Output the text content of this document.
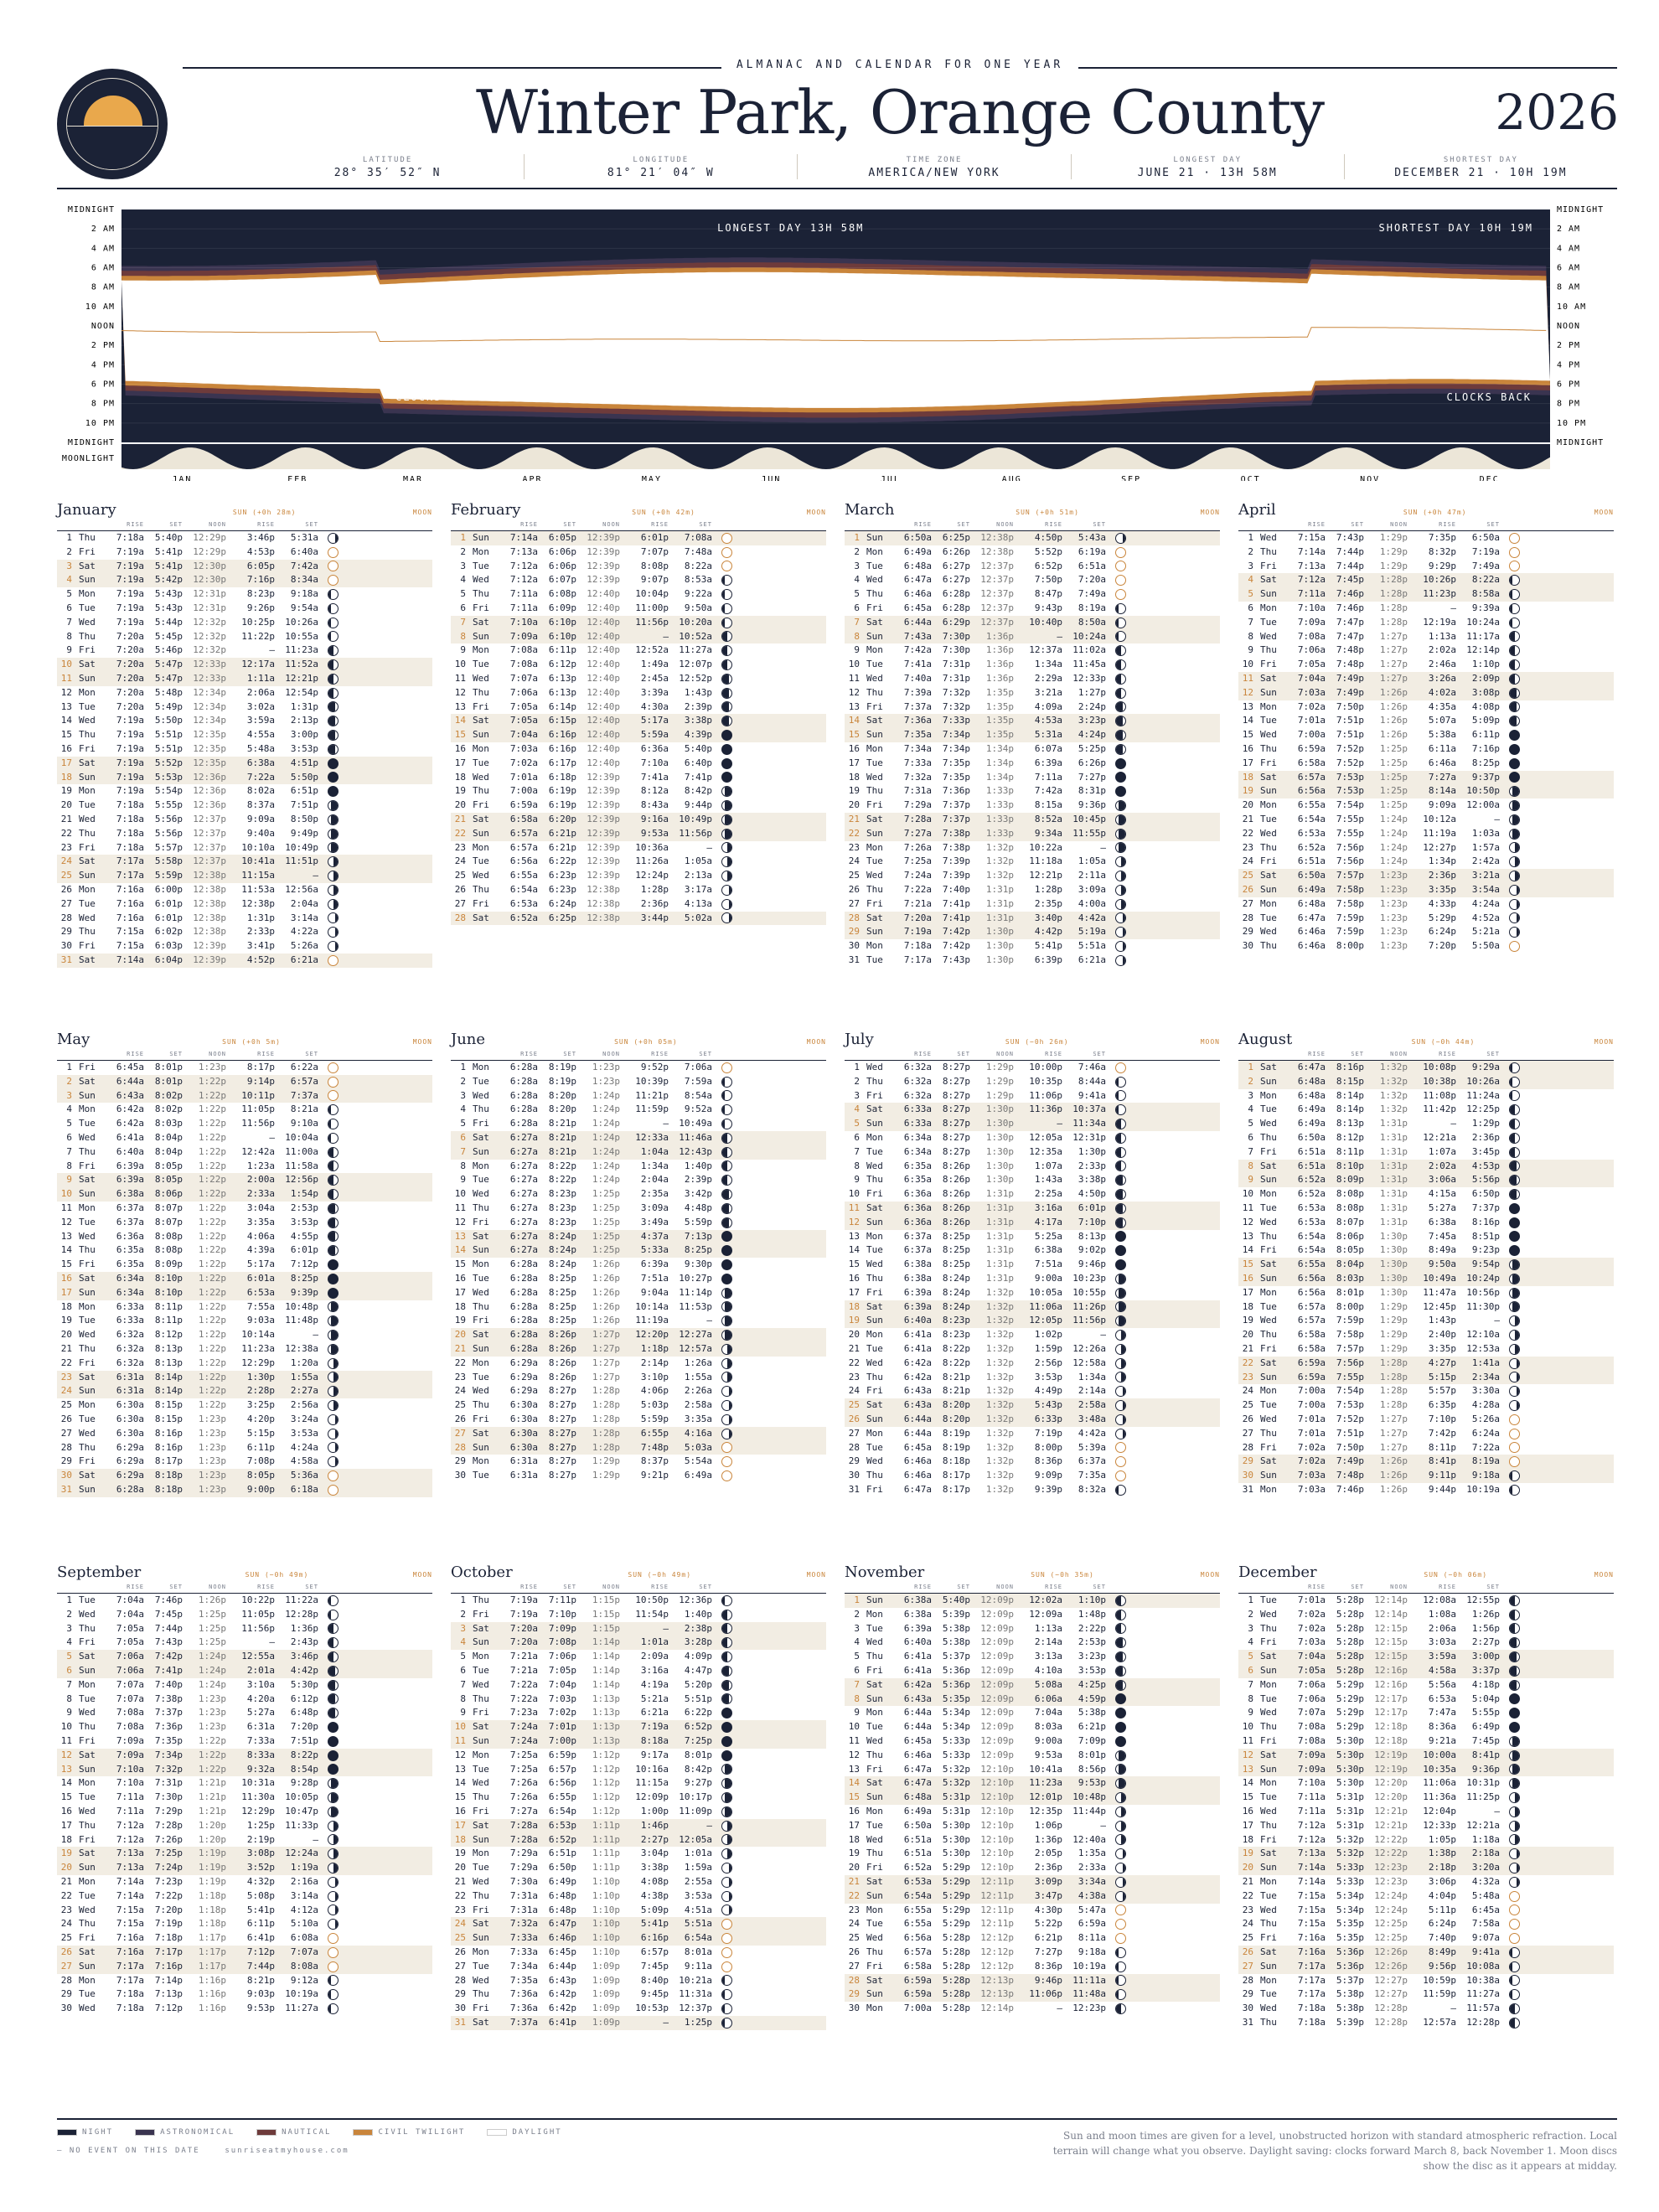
ALMANAC AND CALENDAR FOR ONE YEAR
Winter Park, Orange County	2026
LATITUDE
28° 35′ 52″ N
LONGITUDE
81° 21′ 04″ W
TIME ZONE
AMERICA/NEW YORK
LONGEST DAY
JUNE 21 · 13H 58M
SHORTEST DAY
DECEMBER 21 · 10H 19M
MIDNIGHT	MIDNIGHT
2 AM	2 AM
4 AM	4 AM
6 AM	6 AM
8 AM	8 AM
10 AM	10 AM
NOON	NOON
2 PM	2 PM
4 PM	4 PM
6 PM	6 PM
8 PM	8 PM
10 PM	10 PM
MIDNIGHT	MIDNIGHT
MOONLIGHT
JAN	FEB	MAR	APR	MAY	JUN	JUL	AUG	SEP	OCT	NOV	DEC
LONGEST DAY 13H 58M	SHORTEST DAY 10H 19M
CLOCKS FORWARD	CLOCKS BACK
January	SUN (+0h 28m)	MOON
RISE	SET	NOON	RISE	SET
1 Thu	7:18a	5:40p	12:29p	3:46p	5:31a
2 Fri	7:19a	5:41p	12:29p	4:53p	6:40a
3 Sat	7:19a	5:41p	12:30p	6:05p	7:42a
4 Sun	7:19a	5:42p	12:30p	7:16p	8:34a
5 Mon	7:19a	5:43p	12:31p	8:23p	9:18a
6 Tue	7:19a	5:43p	12:31p	9:26p	9:54a
7 Wed	7:19a	5:44p	12:32p	10:25p	10:26a
8 Thu	7:20a	5:45p	12:32p	11:22p	10:55a
9 Fri	7:20a	5:46p	12:32p	—	11:23a
10 Sat	7:20a	5:47p	12:33p	12:17a	11:52a
11 Sun	7:20a	5:47p	12:33p	1:11a	12:21p
12 Mon	7:20a	5:48p	12:34p	2:06a	12:54p
13 Tue	7:20a	5:49p	12:34p	3:02a	1:31p
14 Wed	7:19a	5:50p	12:34p	3:59a	2:13p
15 Thu	7:19a	5:51p	12:35p	4:55a	3:00p
16 Fri	7:19a	5:51p	12:35p	5:48a	3:53p
17 Sat	7:19a	5:52p	12:35p	6:38a	4:51p
18 Sun	7:19a	5:53p	12:36p	7:22a	5:50p
19 Mon	7:19a	5:54p	12:36p	8:02a	6:51p
20 Tue	7:18a	5:55p	12:36p	8:37a	7:51p
21 Wed	7:18a	5:56p	12:37p	9:09a	8:50p
22 Thu	7:18a	5:56p	12:37p	9:40a	9:49p
23 Fri	7:18a	5:57p	12:37p	10:10a	10:49p
24 Sat	7:17a	5:58p	12:37p	10:41a	11:51p
25 Sun	7:17a	5:59p	12:38p	11:15a	—
26 Mon	7:16a	6:00p	12:38p	11:53a	12:56a
27 Tue	7:16a	6:01p	12:38p	12:38p	2:04a
28 Wed	7:16a	6:01p	12:38p	1:31p	3:14a
29 Thu	7:15a	6:02p	12:38p	2:33p	4:22a
30 Fri	7:15a	6:03p	12:39p	3:41p	5:26a
31 Sat	7:14a	6:04p	12:39p	4:52p	6:21a
February	SUN (+0h 42m)	MOON
RISE	SET	NOON	RISE	SET
1 Sun	7:14a	6:05p	12:39p	6:01p	7:08a
2 Mon	7:13a	6:06p	12:39p	7:07p	7:48a
3 Tue	7:12a	6:06p	12:39p	8:08p	8:22a
4 Wed	7:12a	6:07p	12:39p	9:07p	8:53a
5 Thu	7:11a	6:08p	12:40p	10:04p	9:22a
6 Fri	7:11a	6:09p	12:40p	11:00p	9:50a
7 Sat	7:10a	6:10p	12:40p	11:56p	10:20a
8 Sun	7:09a	6:10p	12:40p	—	10:52a
9 Mon	7:08a	6:11p	12:40p	12:52a	11:27a
10 Tue	7:08a	6:12p	12:40p	1:49a	12:07p
11 Wed	7:07a	6:13p	12:40p	2:45a	12:52p
12 Thu	7:06a	6:13p	12:40p	3:39a	1:43p
13 Fri	7:05a	6:14p	12:40p	4:30a	2:39p
14 Sat	7:05a	6:15p	12:40p	5:17a	3:38p
15 Sun	7:04a	6:16p	12:40p	5:59a	4:39p
16 Mon	7:03a	6:16p	12:40p	6:36a	5:40p
17 Tue	7:02a	6:17p	12:40p	7:10a	6:40p
18 Wed	7:01a	6:18p	12:39p	7:41a	7:41p
19 Thu	7:00a	6:19p	12:39p	8:12a	8:42p
20 Fri	6:59a	6:19p	12:39p	8:43a	9:44p
21 Sat	6:58a	6:20p	12:39p	9:16a	10:49p
22 Sun	6:57a	6:21p	12:39p	9:53a	11:56p
23 Mon	6:57a	6:21p	12:39p	10:36a	—
24 Tue	6:56a	6:22p	12:39p	11:26a	1:05a
25 Wed	6:55a	6:23p	12:39p	12:24p	2:13a
26 Thu	6:54a	6:23p	12:38p	1:28p	3:17a
27 Fri	6:53a	6:24p	12:38p	2:36p	4:13a
28 Sat	6:52a	6:25p	12:38p	3:44p	5:02a
March	SUN (+0h 51m)	MOON
RISE	SET	NOON	RISE	SET
1 Sun	6:50a	6:25p	12:38p	4:50p	5:43a
2 Mon	6:49a	6:26p	12:38p	5:52p	6:19a
3 Tue	6:48a	6:27p	12:37p	6:52p	6:51a
4 Wed	6:47a	6:27p	12:37p	7:50p	7:20a
5 Thu	6:46a	6:28p	12:37p	8:47p	7:49a
6 Fri	6:45a	6:28p	12:37p	9:43p	8:19a
7 Sat	6:44a	6:29p	12:37p	10:40p	8:50a
8 Sun	7:43a	7:30p	1:36p	—	10:24a
9 Mon	7:42a	7:30p	1:36p	12:37a	11:02a
10 Tue	7:41a	7:31p	1:36p	1:34a	11:45a
11 Wed	7:40a	7:31p	1:36p	2:29a	12:33p
12 Thu	7:39a	7:32p	1:35p	3:21a	1:27p
13 Fri	7:37a	7:32p	1:35p	4:09a	2:24p
14 Sat	7:36a	7:33p	1:35p	4:53a	3:23p
15 Sun	7:35a	7:34p	1:35p	5:31a	4:24p
16 Mon	7:34a	7:34p	1:34p	6:07a	5:25p
17 Tue	7:33a	7:35p	1:34p	6:39a	6:26p
18 Wed	7:32a	7:35p	1:34p	7:11a	7:27p
19 Thu	7:31a	7:36p	1:33p	7:42a	8:31p
20 Fri	7:29a	7:37p	1:33p	8:15a	9:36p
21 Sat	7:28a	7:37p	1:33p	8:52a	10:45p
22 Sun	7:27a	7:38p	1:33p	9:34a	11:55p
23 Mon	7:26a	7:38p	1:32p	10:22a	—
24 Tue	7:25a	7:39p	1:32p	11:18a	1:05a
25 Wed	7:24a	7:39p	1:32p	12:21p	2:11a
26 Thu	7:22a	7:40p	1:31p	1:28p	3:09a
27 Fri	7:21a	7:41p	1:31p	2:35p	4:00a
28 Sat	7:20a	7:41p	1:31p	3:40p	4:42a
29 Sun	7:19a	7:42p	1:30p	4:42p	5:19a
30 Mon	7:18a	7:42p	1:30p	5:41p	5:51a
31 Tue	7:17a	7:43p	1:30p	6:39p	6:21a
April	SUN (+0h 47m)	MOON
RISE	SET	NOON	RISE	SET
1 Wed	7:15a	7:43p	1:29p	7:35p	6:50a
2 Thu	7:14a	7:44p	1:29p	8:32p	7:19a
3 Fri	7:13a	7:44p	1:29p	9:29p	7:49a
4 Sat	7:12a	7:45p	1:28p	10:26p	8:22a
5 Sun	7:11a	7:46p	1:28p	11:23p	8:58a
6 Mon	7:10a	7:46p	1:28p	—	9:39a
7 Tue	7:09a	7:47p	1:28p	12:19a	10:24a
8 Wed	7:08a	7:47p	1:27p	1:13a	11:17a
9 Thu	7:06a	7:48p	1:27p	2:02a	12:14p
10 Fri	7:05a	7:48p	1:27p	2:46a	1:10p
11 Sat	7:04a	7:49p	1:27p	3:26a	2:09p
12 Sun	7:03a	7:49p	1:26p	4:02a	3:08p
13 Mon	7:02a	7:50p	1:26p	4:35a	4:08p
14 Tue	7:01a	7:51p	1:26p	5:07a	5:09p
15 Wed	7:00a	7:51p	1:26p	5:38a	6:11p
16 Thu	6:59a	7:52p	1:25p	6:11a	7:16p
17 Fri	6:58a	7:52p	1:25p	6:46a	8:25p
18 Sat	6:57a	7:53p	1:25p	7:27a	9:37p
19 Sun	6:56a	7:53p	1:25p	8:14a	10:50p
20 Mon	6:55a	7:54p	1:25p	9:09a	12:00a
21 Tue	6:54a	7:55p	1:24p	10:12a	—
22 Wed	6:53a	7:55p	1:24p	11:19a	1:03a
23 Thu	6:52a	7:56p	1:24p	12:27p	1:57a
24 Fri	6:51a	7:56p	1:24p	1:34p	2:42a
25 Sat	6:50a	7:57p	1:23p	2:36p	3:21a
26 Sun	6:49a	7:58p	1:23p	3:35p	3:54a
27 Mon	6:48a	7:58p	1:23p	4:33p	4:24a
28 Tue	6:47a	7:59p	1:23p	5:29p	4:52a
29 Wed	6:46a	7:59p	1:23p	6:24p	5:21a
30 Thu	6:46a	8:00p	1:23p	7:20p	5:50a
May	SUN (+0h 5m)	MOON
RISE	SET	NOON	RISE	SET
1 Fri	6:45a	8:01p	1:23p	8:17p	6:22a
2 Sat	6:44a	8:01p	1:22p	9:14p	6:57a
3 Sun	6:43a	8:02p	1:22p	10:11p	7:37a
4 Mon	6:42a	8:02p	1:22p	11:05p	8:21a
5 Tue	6:42a	8:03p	1:22p	11:56p	9:10a
6 Wed	6:41a	8:04p	1:22p	—	10:04a
7 Thu	6:40a	8:04p	1:22p	12:42a	11:00a
8 Fri	6:39a	8:05p	1:22p	1:23a	11:58a
9 Sat	6:39a	8:05p	1:22p	2:00a	12:56p
10 Sun	6:38a	8:06p	1:22p	2:33a	1:54p
11 Mon	6:37a	8:07p	1:22p	3:04a	2:53p
12 Tue	6:37a	8:07p	1:22p	3:35a	3:53p
13 Wed	6:36a	8:08p	1:22p	4:06a	4:55p
14 Thu	6:35a	8:08p	1:22p	4:39a	6:01p
15 Fri	6:35a	8:09p	1:22p	5:17a	7:12p
16 Sat	6:34a	8:10p	1:22p	6:01a	8:25p
17 Sun	6:34a	8:10p	1:22p	6:53a	9:39p
18 Mon	6:33a	8:11p	1:22p	7:55a	10:48p
19 Tue	6:33a	8:11p	1:22p	9:03a	11:48p
20 Wed	6:32a	8:12p	1:22p	10:14a	—
21 Thu	6:32a	8:13p	1:22p	11:23a	12:38a
22 Fri	6:32a	8:13p	1:22p	12:29p	1:20a
23 Sat	6:31a	8:14p	1:22p	1:30p	1:55a
24 Sun	6:31a	8:14p	1:22p	2:28p	2:27a
25 Mon	6:30a	8:15p	1:22p	3:25p	2:56a
26 Tue	6:30a	8:15p	1:23p	4:20p	3:24a
27 Wed	6:30a	8:16p	1:23p	5:15p	3:53a
28 Thu	6:29a	8:16p	1:23p	6:11p	4:24a
29 Fri	6:29a	8:17p	1:23p	7:08p	4:58a
30 Sat	6:29a	8:18p	1:23p	8:05p	5:36a
31 Sun	6:28a	8:18p	1:23p	9:00p	6:18a
June	SUN (+0h 05m)	MOON
RISE	SET	NOON	RISE	SET
1 Mon	6:28a	8:19p	1:23p	9:52p	7:06a
2 Tue	6:28a	8:19p	1:23p	10:39p	7:59a
3 Wed	6:28a	8:20p	1:24p	11:21p	8:54a
4 Thu	6:28a	8:20p	1:24p	11:59p	9:52a
5 Fri	6:28a	8:21p	1:24p	—	10:49a
6 Sat	6:27a	8:21p	1:24p	12:33a	11:46a
7 Sun	6:27a	8:21p	1:24p	1:04a	12:43p
8 Mon	6:27a	8:22p	1:24p	1:34a	1:40p
9 Tue	6:27a	8:22p	1:24p	2:04a	2:39p
10 Wed	6:27a	8:23p	1:25p	2:35a	3:42p
11 Thu	6:27a	8:23p	1:25p	3:09a	4:48p
12 Fri	6:27a	8:23p	1:25p	3:49a	5:59p
13 Sat	6:27a	8:24p	1:25p	4:37a	7:13p
14 Sun	6:27a	8:24p	1:25p	5:33a	8:25p
15 Mon	6:28a	8:24p	1:26p	6:39a	9:30p
16 Tue	6:28a	8:25p	1:26p	7:51a	10:27p
17 Wed	6:28a	8:25p	1:26p	9:04a	11:14p
18 Thu	6:28a	8:25p	1:26p	10:14a	11:53p
19 Fri	6:28a	8:25p	1:26p	11:19a	—
20 Sat	6:28a	8:26p	1:27p	12:20p	12:27a
21 Sun	6:28a	8:26p	1:27p	1:18p	12:57a
22 Mon	6:29a	8:26p	1:27p	2:14p	1:26a
23 Tue	6:29a	8:26p	1:27p	3:10p	1:55a
24 Wed	6:29a	8:27p	1:28p	4:06p	2:26a
25 Thu	6:30a	8:27p	1:28p	5:03p	2:58a
26 Fri	6:30a	8:27p	1:28p	5:59p	3:35a
27 Sat	6:30a	8:27p	1:28p	6:55p	4:16a
28 Sun	6:30a	8:27p	1:28p	7:48p	5:03a
29 Mon	6:31a	8:27p	1:29p	8:37p	5:54a
30 Tue	6:31a	8:27p	1:29p	9:21p	6:49a
July	SUN (−0h 26m)	MOON
RISE	SET	NOON	RISE	SET
1 Wed	6:32a	8:27p	1:29p	10:00p	7:46a
2 Thu	6:32a	8:27p	1:29p	10:35p	8:44a
3 Fri	6:32a	8:27p	1:29p	11:06p	9:41a
4 Sat	6:33a	8:27p	1:30p	11:36p	10:37a
5 Sun	6:33a	8:27p	1:30p	—	11:34a
6 Mon	6:34a	8:27p	1:30p	12:05a	12:31p
7 Tue	6:34a	8:27p	1:30p	12:35a	1:30p
8 Wed	6:35a	8:26p	1:30p	1:07a	2:33p
9 Thu	6:35a	8:26p	1:30p	1:43a	3:38p
10 Fri	6:36a	8:26p	1:31p	2:25a	4:50p
11 Sat	6:36a	8:26p	1:31p	3:16a	6:01p
12 Sun	6:36a	8:26p	1:31p	4:17a	7:10p
13 Mon	6:37a	8:25p	1:31p	5:25a	8:13p
14 Tue	6:37a	8:25p	1:31p	6:38a	9:02p
15 Wed	6:38a	8:25p	1:31p	7:51a	9:46p
16 Thu	6:38a	8:24p	1:31p	9:00a	10:23p
17 Fri	6:39a	8:24p	1:32p	10:05a	10:55p
18 Sat	6:39a	8:24p	1:32p	11:06a	11:26p
19 Sun	6:40a	8:23p	1:32p	12:05p	11:56p
20 Mon	6:41a	8:23p	1:32p	1:02p	—
21 Tue	6:41a	8:22p	1:32p	1:59p	12:26a
22 Wed	6:42a	8:22p	1:32p	2:56p	12:58a
23 Thu	6:42a	8:21p	1:32p	3:53p	1:34a
24 Fri	6:43a	8:21p	1:32p	4:49p	2:14a
25 Sat	6:43a	8:20p	1:32p	5:43p	2:58a
26 Sun	6:44a	8:20p	1:32p	6:33p	3:48a
27 Mon	6:44a	8:19p	1:32p	7:19p	4:42a
28 Tue	6:45a	8:19p	1:32p	8:00p	5:39a
29 Wed	6:46a	8:18p	1:32p	8:36p	6:37a
30 Thu	6:46a	8:17p	1:32p	9:09p	7:35a
31 Fri	6:47a	8:17p	1:32p	9:39p	8:32a
August	SUN (−0h 44m)	MOON
RISE	SET	NOON	RISE	SET
1 Sat	6:47a	8:16p	1:32p	10:08p	9:29a
2 Sun	6:48a	8:15p	1:32p	10:38p	10:26a
3 Mon	6:48a	8:14p	1:32p	11:08p	11:24a
4 Tue	6:49a	8:14p	1:32p	11:42p	12:25p
5 Wed	6:49a	8:13p	1:31p	—	1:29p
6 Thu	6:50a	8:12p	1:31p	12:21a	2:36p
7 Fri	6:51a	8:11p	1:31p	1:07a	3:45p
8 Sat	6:51a	8:10p	1:31p	2:02a	4:53p
9 Sun	6:52a	8:09p	1:31p	3:06a	5:56p
10 Mon	6:52a	8:08p	1:31p	4:15a	6:50p
11 Tue	6:53a	8:08p	1:31p	5:27a	7:37p
12 Wed	6:53a	8:07p	1:31p	6:38a	8:16p
13 Thu	6:54a	8:06p	1:30p	7:45a	8:51p
14 Fri	6:54a	8:05p	1:30p	8:49a	9:23p
15 Sat	6:55a	8:04p	1:30p	9:50a	9:54p
16 Sun	6:56a	8:03p	1:30p	10:49a	10:24p
17 Mon	6:56a	8:01p	1:30p	11:47a	10:56p
18 Tue	6:57a	8:00p	1:29p	12:45p	11:30p
19 Wed	6:57a	7:59p	1:29p	1:43p	—
20 Thu	6:58a	7:58p	1:29p	2:40p	12:10a
21 Fri	6:58a	7:57p	1:29p	3:35p	12:53a
22 Sat	6:59a	7:56p	1:28p	4:27p	1:41a
23 Sun	6:59a	7:55p	1:28p	5:15p	2:34a
24 Mon	7:00a	7:54p	1:28p	5:57p	3:30a
25 Tue	7:00a	7:53p	1:28p	6:35p	4:28a
26 Wed	7:01a	7:52p	1:27p	7:10p	5:26a
27 Thu	7:01a	7:51p	1:27p	7:42p	6:24a
28 Fri	7:02a	7:50p	1:27p	8:11p	7:22a
29 Sat	7:02a	7:49p	1:26p	8:41p	8:19a
30 Sun	7:03a	7:48p	1:26p	9:11p	9:18a
31 Mon	7:03a	7:46p	1:26p	9:44p	10:19a
September	SUN (−0h 49m)	MOON
RISE	SET	NOON	RISE	SET
1 Tue	7:04a	7:46p	1:26p	10:22p	11:22a
2 Wed	7:04a	7:45p	1:25p	11:05p	12:28p
3 Thu	7:05a	7:44p	1:25p	11:56p	1:36p
4 Fri	7:05a	7:43p	1:25p	—	2:43p
5 Sat	7:06a	7:42p	1:24p	12:55a	3:46p
6 Sun	7:06a	7:41p	1:24p	2:01a	4:42p
7 Mon	7:07a	7:40p	1:24p	3:10a	5:30p
8 Tue	7:07a	7:38p	1:23p	4:20a	6:12p
9 Wed	7:08a	7:37p	1:23p	5:27a	6:48p
10 Thu	7:08a	7:36p	1:23p	6:31a	7:20p
11 Fri	7:09a	7:35p	1:22p	7:33a	7:51p
12 Sat	7:09a	7:34p	1:22p	8:33a	8:22p
13 Sun	7:10a	7:32p	1:22p	9:32a	8:54p
14 Mon	7:10a	7:31p	1:21p	10:31a	9:28p
15 Tue	7:11a	7:30p	1:21p	11:30a	10:05p
16 Wed	7:11a	7:29p	1:21p	12:29p	10:47p
17 Thu	7:12a	7:28p	1:20p	1:25p	11:33p
18 Fri	7:12a	7:26p	1:20p	2:19p	—
19 Sat	7:13a	7:25p	1:19p	3:08p	12:24a
20 Sun	7:13a	7:24p	1:19p	3:52p	1:19a
21 Mon	7:14a	7:23p	1:19p	4:32p	2:16a
22 Tue	7:14a	7:22p	1:18p	5:08p	3:14a
23 Wed	7:15a	7:20p	1:18p	5:41p	4:12a
24 Thu	7:15a	7:19p	1:18p	6:11p	5:10a
25 Fri	7:16a	7:18p	1:17p	6:41p	6:08a
26 Sat	7:16a	7:17p	1:17p	7:12p	7:07a
27 Sun	7:17a	7:16p	1:17p	7:44p	8:08a
28 Mon	7:17a	7:14p	1:16p	8:21p	9:12a
29 Tue	7:18a	7:13p	1:16p	9:03p	10:19a
30 Wed	7:18a	7:12p	1:16p	9:53p	11:27a
October	SUN (−0h 49m)	MOON
RISE	SET	NOON	RISE	SET
1 Thu	7:19a	7:11p	1:15p	10:50p	12:36p
2 Fri	7:19a	7:10p	1:15p	11:54p	1:40p
3 Sat	7:20a	7:09p	1:15p	—	2:38p
4 Sun	7:20a	7:08p	1:14p	1:01a	3:28p
5 Mon	7:21a	7:06p	1:14p	2:09a	4:09p
6 Tue	7:21a	7:05p	1:14p	3:16a	4:47p
7 Wed	7:22a	7:04p	1:14p	4:19a	5:20p
8 Thu	7:22a	7:03p	1:13p	5:21a	5:51p
9 Fri	7:23a	7:02p	1:13p	6:21a	6:22p
10 Sat	7:24a	7:01p	1:13p	7:19a	6:52p
11 Sun	7:24a	7:00p	1:13p	8:18a	7:25p
12 Mon	7:25a	6:59p	1:12p	9:17a	8:01p
13 Tue	7:25a	6:57p	1:12p	10:16a	8:42p
14 Wed	7:26a	6:56p	1:12p	11:15a	9:27p
15 Thu	7:26a	6:55p	1:12p	12:09p	10:17p
16 Fri	7:27a	6:54p	1:12p	1:00p	11:09p
17 Sat	7:28a	6:53p	1:11p	1:46p	—
18 Sun	7:28a	6:52p	1:11p	2:27p	12:05a
19 Mon	7:29a	6:51p	1:11p	3:04p	1:01a
20 Tue	7:29a	6:50p	1:11p	3:38p	1:59a
21 Wed	7:30a	6:49p	1:10p	4:08p	2:55a
22 Thu	7:31a	6:48p	1:10p	4:38p	3:53a
23 Fri	7:31a	6:48p	1:10p	5:09p	4:51a
24 Sat	7:32a	6:47p	1:10p	5:41p	5:51a
25 Sun	7:33a	6:46p	1:10p	6:16p	6:54a
26 Mon	7:33a	6:45p	1:10p	6:57p	8:01a
27 Tue	7:34a	6:44p	1:09p	7:45p	9:11a
28 Wed	7:35a	6:43p	1:09p	8:40p	10:21a
29 Thu	7:36a	6:42p	1:09p	9:45p	11:31a
30 Fri	7:36a	6:42p	1:09p	10:53p	12:37p
31 Sat	7:37a	6:41p	1:09p	—	1:25p
November	SUN (−0h 35m)	MOON
RISE	SET	NOON	RISE	SET
1 Sun	6:38a	5:40p	12:09p	12:02a	1:10p
2 Mon	6:38a	5:39p	12:09p	12:09a	1:48p
3 Tue	6:39a	5:38p	12:09p	1:13a	2:22p
4 Wed	6:40a	5:38p	12:09p	2:14a	2:53p
5 Thu	6:41a	5:37p	12:09p	3:13a	3:23p
6 Fri	6:41a	5:36p	12:09p	4:10a	3:53p
7 Sat	6:42a	5:36p	12:09p	5:08a	4:25p
8 Sun	6:43a	5:35p	12:09p	6:06a	4:59p
9 Mon	6:44a	5:34p	12:09p	7:04a	5:38p
10 Tue	6:44a	5:34p	12:09p	8:03a	6:21p
11 Wed	6:45a	5:33p	12:09p	9:00a	7:09p
12 Thu	6:46a	5:33p	12:09p	9:53a	8:01p
13 Fri	6:47a	5:32p	12:10p	10:41a	8:56p
14 Sat	6:47a	5:32p	12:10p	11:23a	9:53p
15 Sun	6:48a	5:31p	12:10p	12:01p	10:48p
16 Mon	6:49a	5:31p	12:10p	12:35p	11:44p
17 Tue	6:50a	5:30p	12:10p	1:06p	—
18 Wed	6:51a	5:30p	12:10p	1:36p	12:40a
19 Thu	6:51a	5:30p	12:10p	2:05p	1:35a
20 Fri	6:52a	5:29p	12:10p	2:36p	2:33a
21 Sat	6:53a	5:29p	12:11p	3:09p	3:34a
22 Sun	6:54a	5:29p	12:11p	3:47p	4:38a
23 Mon	6:55a	5:29p	12:11p	4:30p	5:47a
24 Tue	6:55a	5:29p	12:11p	5:22p	6:59a
25 Wed	6:56a	5:28p	12:12p	6:21p	8:11a
26 Thu	6:57a	5:28p	12:12p	7:27p	9:18a
27 Fri	6:58a	5:28p	12:12p	8:36p	10:19a
28 Sat	6:59a	5:28p	12:13p	9:46p	11:11a
29 Sun	6:59a	5:28p	12:13p	11:06p	11:48a
30 Mon	7:00a	5:28p	12:14p	—	12:23p
December	SUN (−0h 06m)	MOON
RISE	SET	NOON	RISE	SET
1 Tue	7:01a	5:28p	12:14p	12:08a	12:55p
2 Wed	7:02a	5:28p	12:14p	1:08a	1:26p
3 Thu	7:02a	5:28p	12:15p	2:06a	1:56p
4 Fri	7:03a	5:28p	12:15p	3:03a	2:27p
5 Sat	7:04a	5:28p	12:15p	3:59a	3:00p
6 Sun	7:05a	5:28p	12:16p	4:58a	3:37p
7 Mon	7:06a	5:29p	12:16p	5:56a	4:18p
8 Tue	7:06a	5:29p	12:17p	6:53a	5:04p
9 Wed	7:07a	5:29p	12:17p	7:47a	5:55p
10 Thu	7:08a	5:29p	12:18p	8:36a	6:49p
11 Fri	7:08a	5:30p	12:18p	9:21a	7:45p
12 Sat	7:09a	5:30p	12:19p	10:00a	8:41p
13 Sun	7:09a	5:30p	12:19p	10:35a	9:36p
14 Mon	7:10a	5:30p	12:20p	11:06a	10:31p
15 Tue	7:11a	5:31p	12:20p	11:36a	11:25p
16 Wed	7:11a	5:31p	12:21p	12:04p	—
17 Thu	7:12a	5:31p	12:21p	12:33p	12:21a
18 Fri	7:12a	5:32p	12:22p	1:05p	1:18a
19 Sat	7:13a	5:32p	12:22p	1:38p	2:18a
20 Sun	7:14a	5:33p	12:23p	2:18p	3:20a
21 Mon	7:14a	5:33p	12:23p	3:06p	4:32a
22 Tue	7:15a	5:34p	12:24p	4:04p	5:48a
23 Wed	7:15a	5:34p	12:24p	5:11p	6:45a
24 Thu	7:15a	5:35p	12:25p	6:24p	7:58a
25 Fri	7:16a	5:35p	12:25p	7:40p	9:07a
26 Sat	7:16a	5:36p	12:26p	8:49p	9:41a
27 Sun	7:17a	5:36p	12:26p	9:56p	10:08a
28 Mon	7:17a	5:37p	12:27p	10:59p	10:38a
29 Tue	7:17a	5:38p	12:27p	11:59p	11:27a
30 Wed	7:18a	5:38p	12:28p	—	11:57a
31 Thu	7:18a	5:39p	12:28p	12:57a	12:28p
NIGHT	ASTRONOMICAL	NAUTICAL	CIVIL TWILIGHT	DAYLIGHT
— NO EVENT ON THIS DATE	sunriseatmyhouse.com
Sun and moon times are given for a level, unobstructed horizon with standard atmospheric refraction. Local terrain will change what you observe. Daylight saving: clocks forward March 8, back November 1. Moon discs show the disc as it appears at midday.
